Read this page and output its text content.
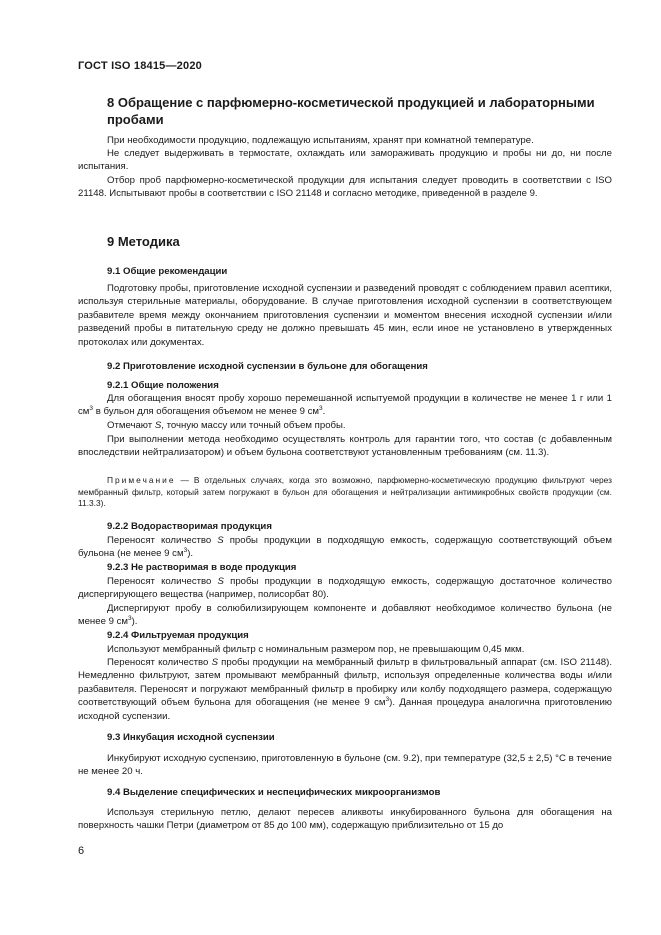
ГОСТ ISO 18415—2020
8 Обращение с парфюмерно-косметической продукцией и лабораторными пробами
При необходимости продукцию, подлежащую испытаниям, хранят при комнатной температуре.
Не следует выдерживать в термостате, охлаждать или замораживать продукцию и пробы ни до, ни после испытания.
Отбор проб парфюмерно-косметической продукции для испытания следует проводить в соответствии с ISO 21148. Испытывают пробы в соответствии с ISO 21148 и согласно методике, приведенной в разделе 9.
9 Методика
9.1 Общие рекомендации
Подготовку пробы, приготовление исходной суспензии и разведений проводят с соблюдением правил асептики, используя стерильные материалы, оборудование. В случае приготовления исходной суспензии в соответствующем разбавителе время между окончанием приготовления суспензии и моментом внесения исходной суспензии и/или разведений пробы в питательную среду не должно превышать 45 мин, если иное не установлено в утвержденных протоколах или документах.
9.2 Приготовление исходной суспензии в бульоне для обогащения
9.2.1 Общие положения
Для обогащения вносят пробу хорошо перемешанной испытуемой продукции в количестве не менее 1 г или 1 $см^3$ в бульон для обогащения объемом не менее 9 $см^3$.
Отмечают S, точную массу или точный объем пробы.
При выполнении метода необходимо осуществлять контроль для гарантии того, что состав (с добавленным впоследствии нейтрализатором) и объем бульона соответствуют установленным требованиям (см. 11.3).
Примечание — В отдельных случаях, когда это возможно, парфюмерно-косметическую продукцию фильтруют через мембранный фильтр, который затем погружают в бульон для обогащения и нейтрализации антимикробных свойств продукции (см. 11.3.3).
9.2.2 Водорастворимая продукция
Переносят количество S пробы продукции в подходящую емкость, содержащую соответствующий объем бульона (не менее 9 $см^3$).
9.2.3 Не растворимая в воде продукция
Переносят количество S пробы продукции в подходящую емкость, содержащую достаточное количество диспергирующего вещества (например, полисорбат 80).
Диспергируют пробу в солюбилизирующем компоненте и добавляют необходимое количество бульона (не менее 9 $см^3$).
9.2.4 Фильтруемая продукция
Используют мембранный фильтр с номинальным размером пор, не превышающим 0,45 мкм.
Переносят количество S пробы продукции на мембранный фильтр в фильтровальный аппарат (см. ISO 21148). Немедленно фильтруют, затем промывают мембранный фильтр, используя определенные количества воды и/или разбавителя. Переносят и погружают мембранный фильтр в пробирку или колбу подходящего размера, содержащую соответствующий объем бульона для обогащения (не менее 9 $см^3$). Данная процедура аналогична приготовлению исходной суспензии.
9.3 Инкубация исходной суспензии
Инкубируют исходную суспензию, приготовленную в бульоне (см. 9.2), при температуре (32,5 ± 2,5) °С в течение не менее 20 ч.
9.4 Выделение специфических и неспецифических микроорганизмов
Используя стерильную петлю, делают пересев аликвоты инкубированного бульона для обогащения на поверхность чашки Петри (диаметром от 85 до 100 мм), содержащую приблизительно от 15 до
6
